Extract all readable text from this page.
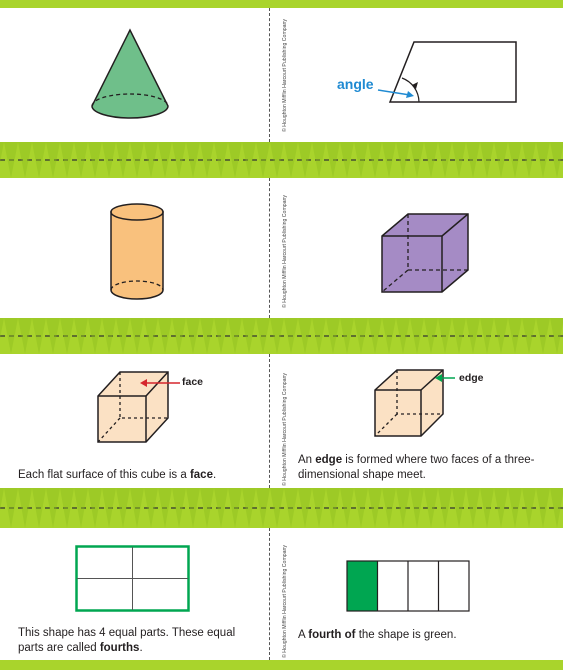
© Houghton Mifflin Harcourt Publishing Company
© Houghton Mifflin Harcourt Publishing Company
© Houghton Mifflin Harcourt Publishing Company
© Houghton Mifflin Harcourt Publishing Company
angle
face
Each flat surface of this cube is a face.
edge
An edge is formed where two faces of a three-dimensional shape meet.
This shape has 4 equal parts. These equal parts are called fourths.
A fourth of the shape is green.
